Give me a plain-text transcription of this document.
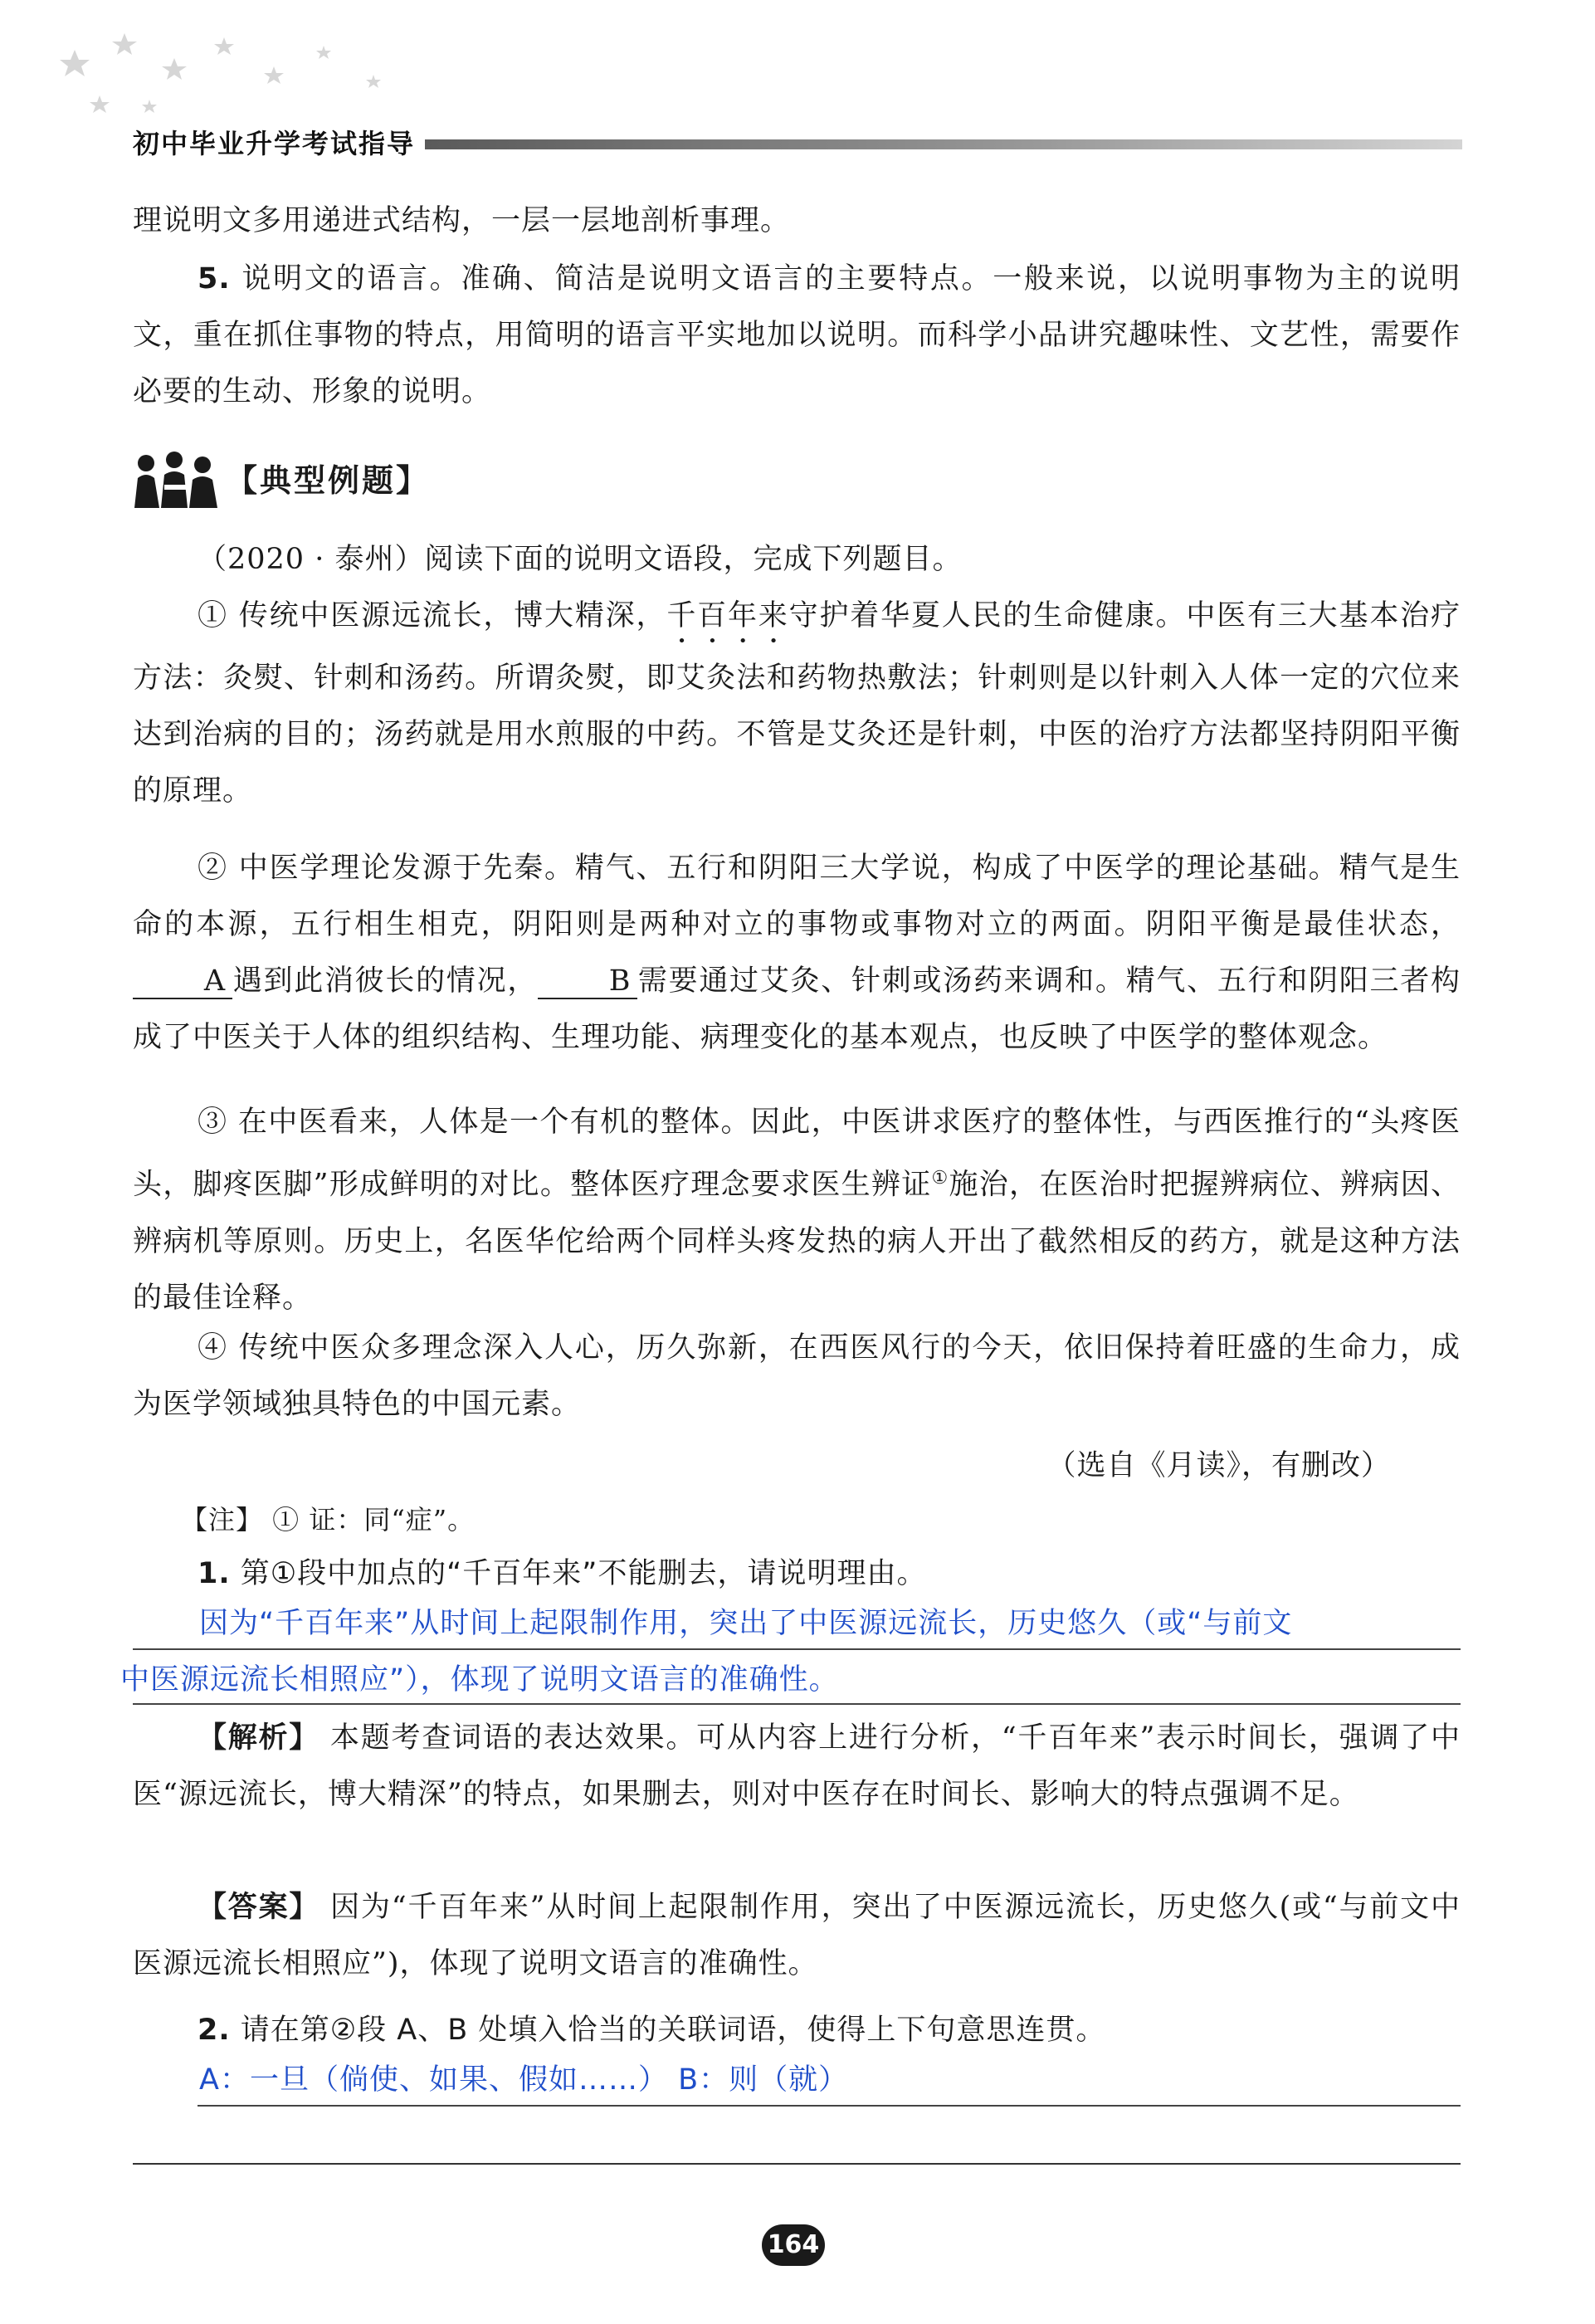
初中毕业升学考试指导

理说明文多用递进式结构，一层一层地剖析事理。

5. 说明文的语言。准确、简洁是说明文语言的主要特点。一般来说，以说明事物为主的说明文，重在抓住事物的特点，用简明的语言平实地加以说明。而科学小品讲究趣味性、文艺性，需要作必要的生动、形象的说明。

【典型例题】

（2020 · 泰州）阅读下面的说明文语段，完成下列题目。

① 传统中医源远流长，博大精深，千百年来守护着华夏人民的生命健康。中医有三大基本治疗方法：灸熨、针刺和汤药。所谓灸熨，即艾灸法和药物热敷法；针刺则是以针刺入人体一定的穴位来达到治病的目的；汤药就是用水煎服的中药。不管是艾灸还是针刺，中医的治疗方法都坚持阴阳平衡的原理。

② 中医学理论发源于先秦。精气、五行和阴阳三大学说，构成了中医学的理论基础。精气是生命的本源，五行相生相克，阴阳则是两种对立的事物或事物对立的两面。阴阳平衡是最佳状态，A 遇到此消彼长的情况， B 需要通过艾灸、针刺或汤药来调和。精气、五行和阴阳三者构成了中医关于人体的组织结构、生理功能、病理变化的基本观点，也反映了中医学的整体观念。

③ 在中医看来，人体是一个有机的整体。因此，中医讲求医疗的整体性，与西医推行的“头疼医头，脚疼医脚”形成鲜明的对比。整体医疗理念要求医生辨证①施治，在医治时把握辨病位、辨病因、辨病机等原则。历史上，名医华佗给两个同样头疼发热的病人开出了截然相反的药方，就是这种方法的最佳诠释。

④ 传统中医众多理念深入人心，历久弥新，在西医风行的今天，依旧保持着旺盛的生命力，成为医学领域独具特色的中国元素。

（选自《月读》，有删改）
【注】 ① 证：同“症”。
1. 第①段中加点的“千百年来”不能删去，请说明理由。
因为“千百年来”从时间上起限制作用，突出了中医源远流长，历史悠久（或“与前文
中医源远流长相照应”），体现了说明文语言的准确性。

【解析】 本题考查词语的表达效果。可从内容上进行分析，“千百年来”表示时间长，强调了中医“源远流长，博大精深”的特点，如果删去，则对中医存在时间长、影响大的特点强调不足。

【答案】 因为“千百年来”从时间上起限制作用，突出了中医源远流长，历史悠久(或“与前文中医源远流长相照应”)，体现了说明文语言的准确性。

2. 请在第②段 A、B 处填入恰当的关联词语，使得上下句意思连贯。
A：一旦（倘使、如果、假如……） B：则（就）
164
